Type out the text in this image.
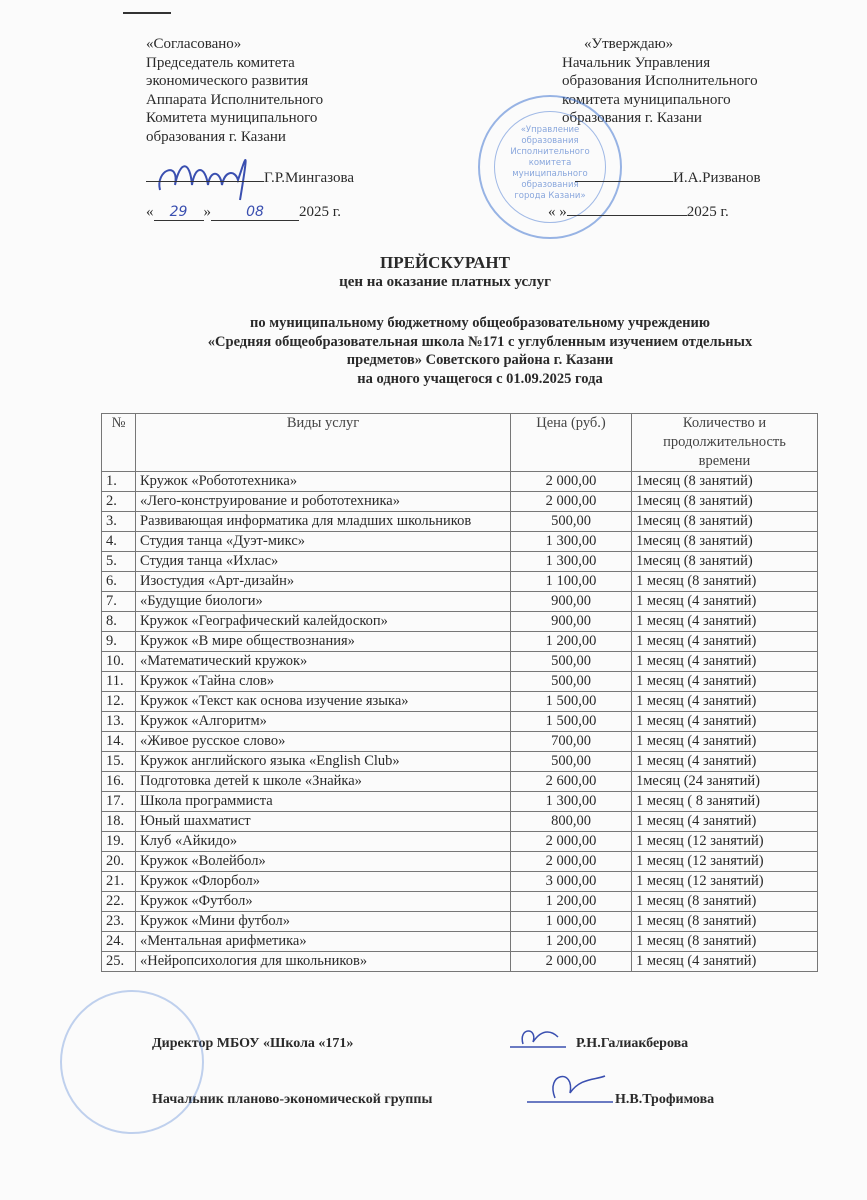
«Согласовано»
Председатель комитета
экономического развития
Аппарата Исполнительного
Комитета муниципального
образования г. Казани
Г.Р.Мингазова
« 29 »	08 2025 г.
«Утверждаю»
Начальник Управления
образования Исполнительного
комитета муниципального
образования г. Казани
«Управление образования Исполнительного комитета муниципального образования города Казани»
И.А.Ризванов
« »	2025 г.
ПРЕЙСКУРАНТ
цен на оказание платных услуг
по муниципальному бюджетному общеобразовательному учреждению
«Средняя общеобразовательная школа №171 с углубленным изучением отдельных
предметов» Советского района г. Казани
на одного учащегося с 01.09.2025 года
№	Виды услуг	Цена (руб.)	Количество и продолжительность времени
1.	Кружок «Робототехника»	2 000,00	1месяц (8 занятий)
2.	«Лего-конструирование и робототехника»	2 000,00	1месяц (8 занятий)
3.	Развивающая информатика для младших школьников	500,00	1месяц (8 занятий)
4.	Студия танца «Дуэт-микс»	1 300,00	1месяц (8 занятий)
5.	Студия танца «Ихлас»	1 300,00	1месяц (8 занятий)
6.	Изостудия «Арт-дизайн»	1 100,00	1 месяц (8 занятий)
7.	«Будущие биологи»	900,00	1 месяц (4 занятий)
8.	Кружок «Географический калейдоскоп»	900,00	1 месяц (4 занятий)
9.	Кружок «В мире обществознания»	1 200,00	1 месяц (4 занятий)
10.	«Математический кружок»	500,00	1 месяц (4 занятий)
11.	Кружок «Тайна слов»	500,00	1 месяц (4 занятий)
12.	Кружок «Текст как основа изучение языка»	1 500,00	1 месяц (4 занятий)
13.	Кружок «Алгоритм»	1 500,00	1 месяц (4 занятий)
14.	«Живое русское слово»	700,00	1 месяц (4 занятий)
15.	Кружок английского языка «English Club»	500,00	1 месяц (4 занятий)
16.	Подготовка детей к школе «Знайка»	2 600,00	1месяц (24 занятий)
17.	Школа программиста	1 300,00	1 месяц ( 8 занятий)
18.	Юный шахматист	800,00	1 месяц (4 занятий)
19.	Клуб «Айкидо»	2 000,00	1 месяц (12 занятий)
20.	Кружок «Волейбол»	2 000,00	1 месяц (12 занятий)
21.	Кружок «Флорбол»	3 000,00	1 месяц (12 занятий)
22.	Кружок «Футбол»	1 200,00	1 месяц (8 занятий)
23.	Кружок «Мини футбол»	1 000,00	1 месяц (8 занятий)
24.	«Ментальная арифметика»	1 200,00	1 месяц (8 занятий)
25.	«Нейропсихология для школьников»	2 000,00	1 месяц (4 занятий)
Директор МБОУ «Школа «171»	Р.Н.Галиакберова
Начальник планово-экономической группы	Н.В.Трофимова
